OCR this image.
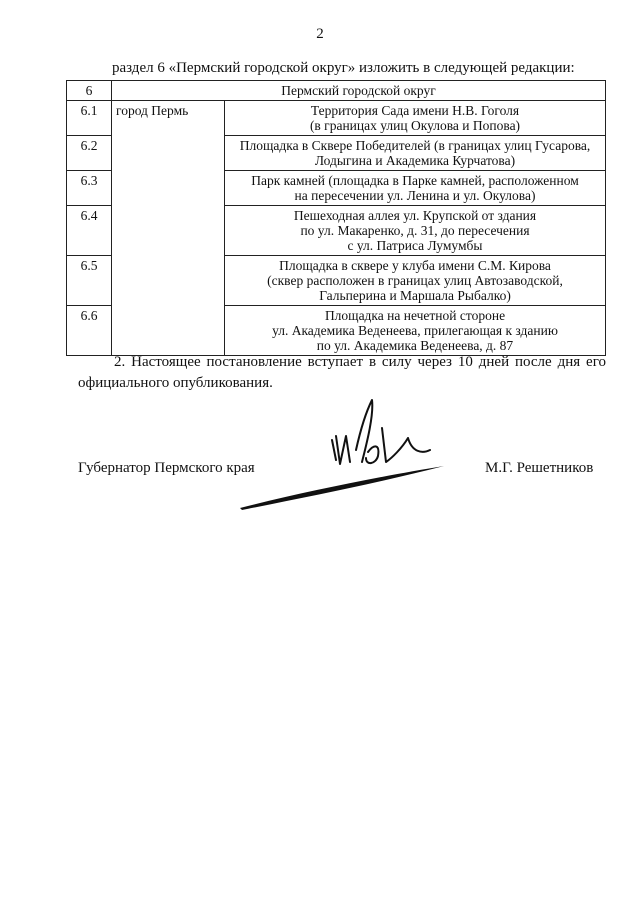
2
раздел 6 «Пермский городской округ» изложить в следующей редакции:
6	Пермский городской округ	
6.1	город Пермь	Территория Сада имени Н.В. Гоголя
(в границах улиц Окулова и Попова)

6.2		Площадка в Сквере Победителей (в границах улиц Гусарова,
Лодыгина и Академика Курчатова)

6.3		Парк камней (площадка в Парке камней, расположенном
на пересечении ул. Ленина и ул. Окулова)

6.4		Пешеходная аллея ул. Крупской от здания
по ул. Макаренко, д. 31, до пересечения
с ул. Патриса Лумумбы

6.5		Площадка в сквере у клуба имени С.М. Кирова
(сквер расположен в границах улиц Автозаводской,
Гальперина и Маршала Рыбалко)

6.6		Площадка на нечетной стороне
ул. Академика Веденеева, прилегающая к зданию
по ул. Академика Веденеева, д. 87
2. Настоящее постановление вступает в силу через 10 дней после дня его официального опубликования.
Губернатор Пермского края	М.Г. Решетников
